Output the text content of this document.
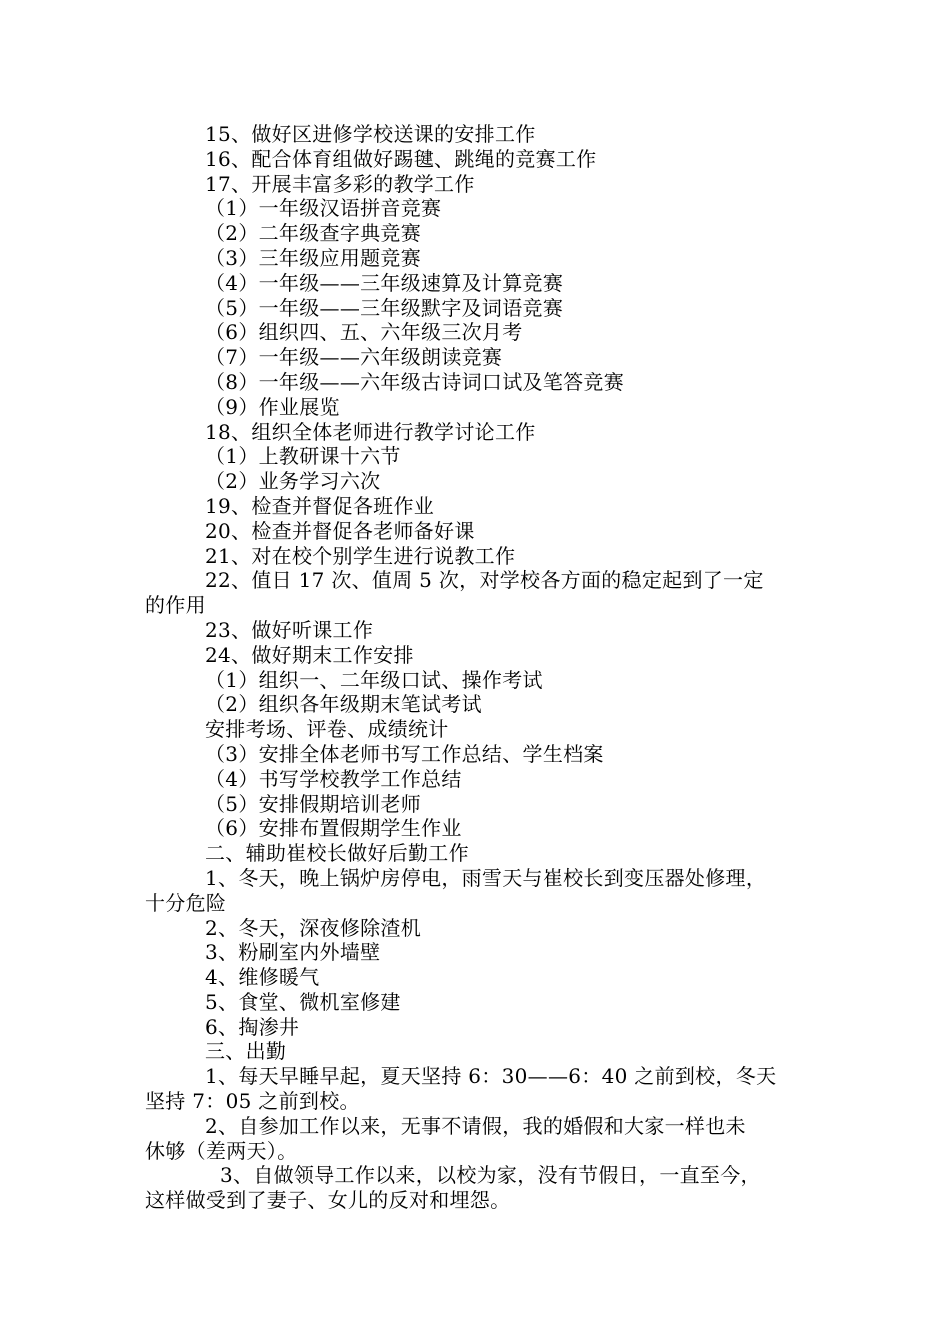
15、做好区进修学校送课的安排工作
16、配合体育组做好踢毽、跳绳的竞赛工作
17、开展丰富多彩的教学工作
（1）一年级汉语拼音竞赛
（2）二年级查字典竞赛
（3）三年级应用题竞赛
（4）一年级——三年级速算及计算竞赛
（5）一年级——三年级默字及词语竞赛
（6）组织四、五、六年级三次月考
（7）一年级——六年级朗读竞赛
（8）一年级——六年级古诗词口试及笔答竞赛
（9）作业展览
18、组织全体老师进行教学讨论工作
（1）上教研课十六节
（2）业务学习六次
19、检查并督促各班作业
20、检查并督促各老师备好课
21、对在校个别学生进行说教工作
22、值日 17 次、值周 5 次，对学校各方面的稳定起到了一定
的作用
23、做好听课工作
24、做好期末工作安排
（1）组织一、二年级口试、操作考试
（2）组织各年级期末笔试考试
安排考场、评卷、成绩统计
（3）安排全体老师书写工作总结、学生档案
（4）书写学校教学工作总结
（5）安排假期培训老师
（6）安排布置假期学生作业
二、辅助崔校长做好后勤工作
1、冬天，晚上锅炉房停电，雨雪天与崔校长到变压器处修理，
十分危险
2、冬天，深夜修除渣机
3、粉刷室内外墙壁
4、维修暖气
5、食堂、微机室修建
6、掏渗井
三、出勤
1、每天早睡早起，夏天坚持 6：30——6：40 之前到校，冬天
坚持 7：05 之前到校。
2、自参加工作以来，无事不请假，我的婚假和大家一样也未
休够（差两天）。
3、自做领导工作以来，以校为家，没有节假日，一直至今，
这样做受到了妻子、女儿的反对和埋怨。
